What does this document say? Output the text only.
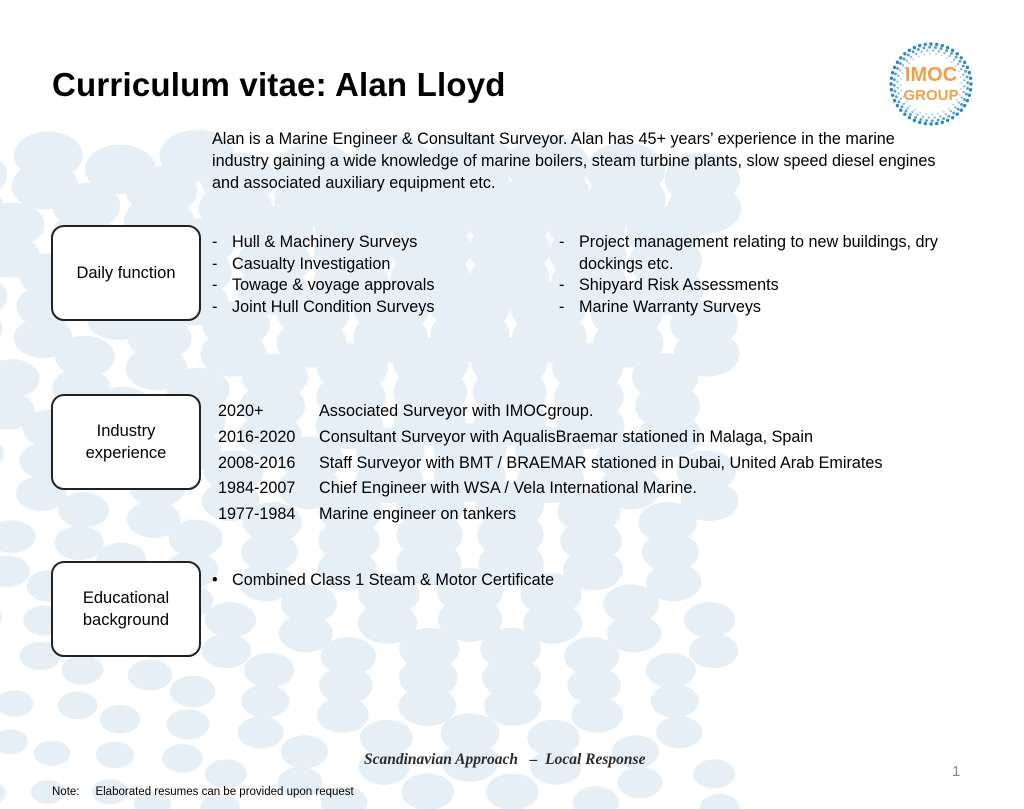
Curriculum vitae: Alan Lloyd	IMOC
GROUP
Alan is a Marine Engineer & Consultant Surveyor. Alan has 45+ years’ experience in the marine industry gaining a wide knowledge of marine boilers, steam turbine plants, slow speed diesel engines and associated auxiliary equipment etc.
Daily function
- Hull & Machinery Surveys
- Casualty Investigation
- Towage & voyage approvals
- Joint Hull Condition Surveys
- Project management relating to new buildings, dry dockings etc.
- Shipyard Risk Assessments
- Marine Warranty Surveys
Industry
experience
2020+	Associated Surveyor with IMOCgroup.
2016-2020	Consultant Surveyor with AqualisBraemar stationed in Malaga, Spain
2008-2016	Staff Surveyor with BMT / BRAEMAR stationed in Dubai, United Arab Emirates
1984-2007	Chief Engineer with WSA / Vela International Marine.
1977-1984	Marine engineer on tankers
Educational
background
• Combined Class 1 Steam & Motor Certificate
Scandinavian Approach   –  Local Response
1
Note:     Elaborated resumes can be provided upon request
